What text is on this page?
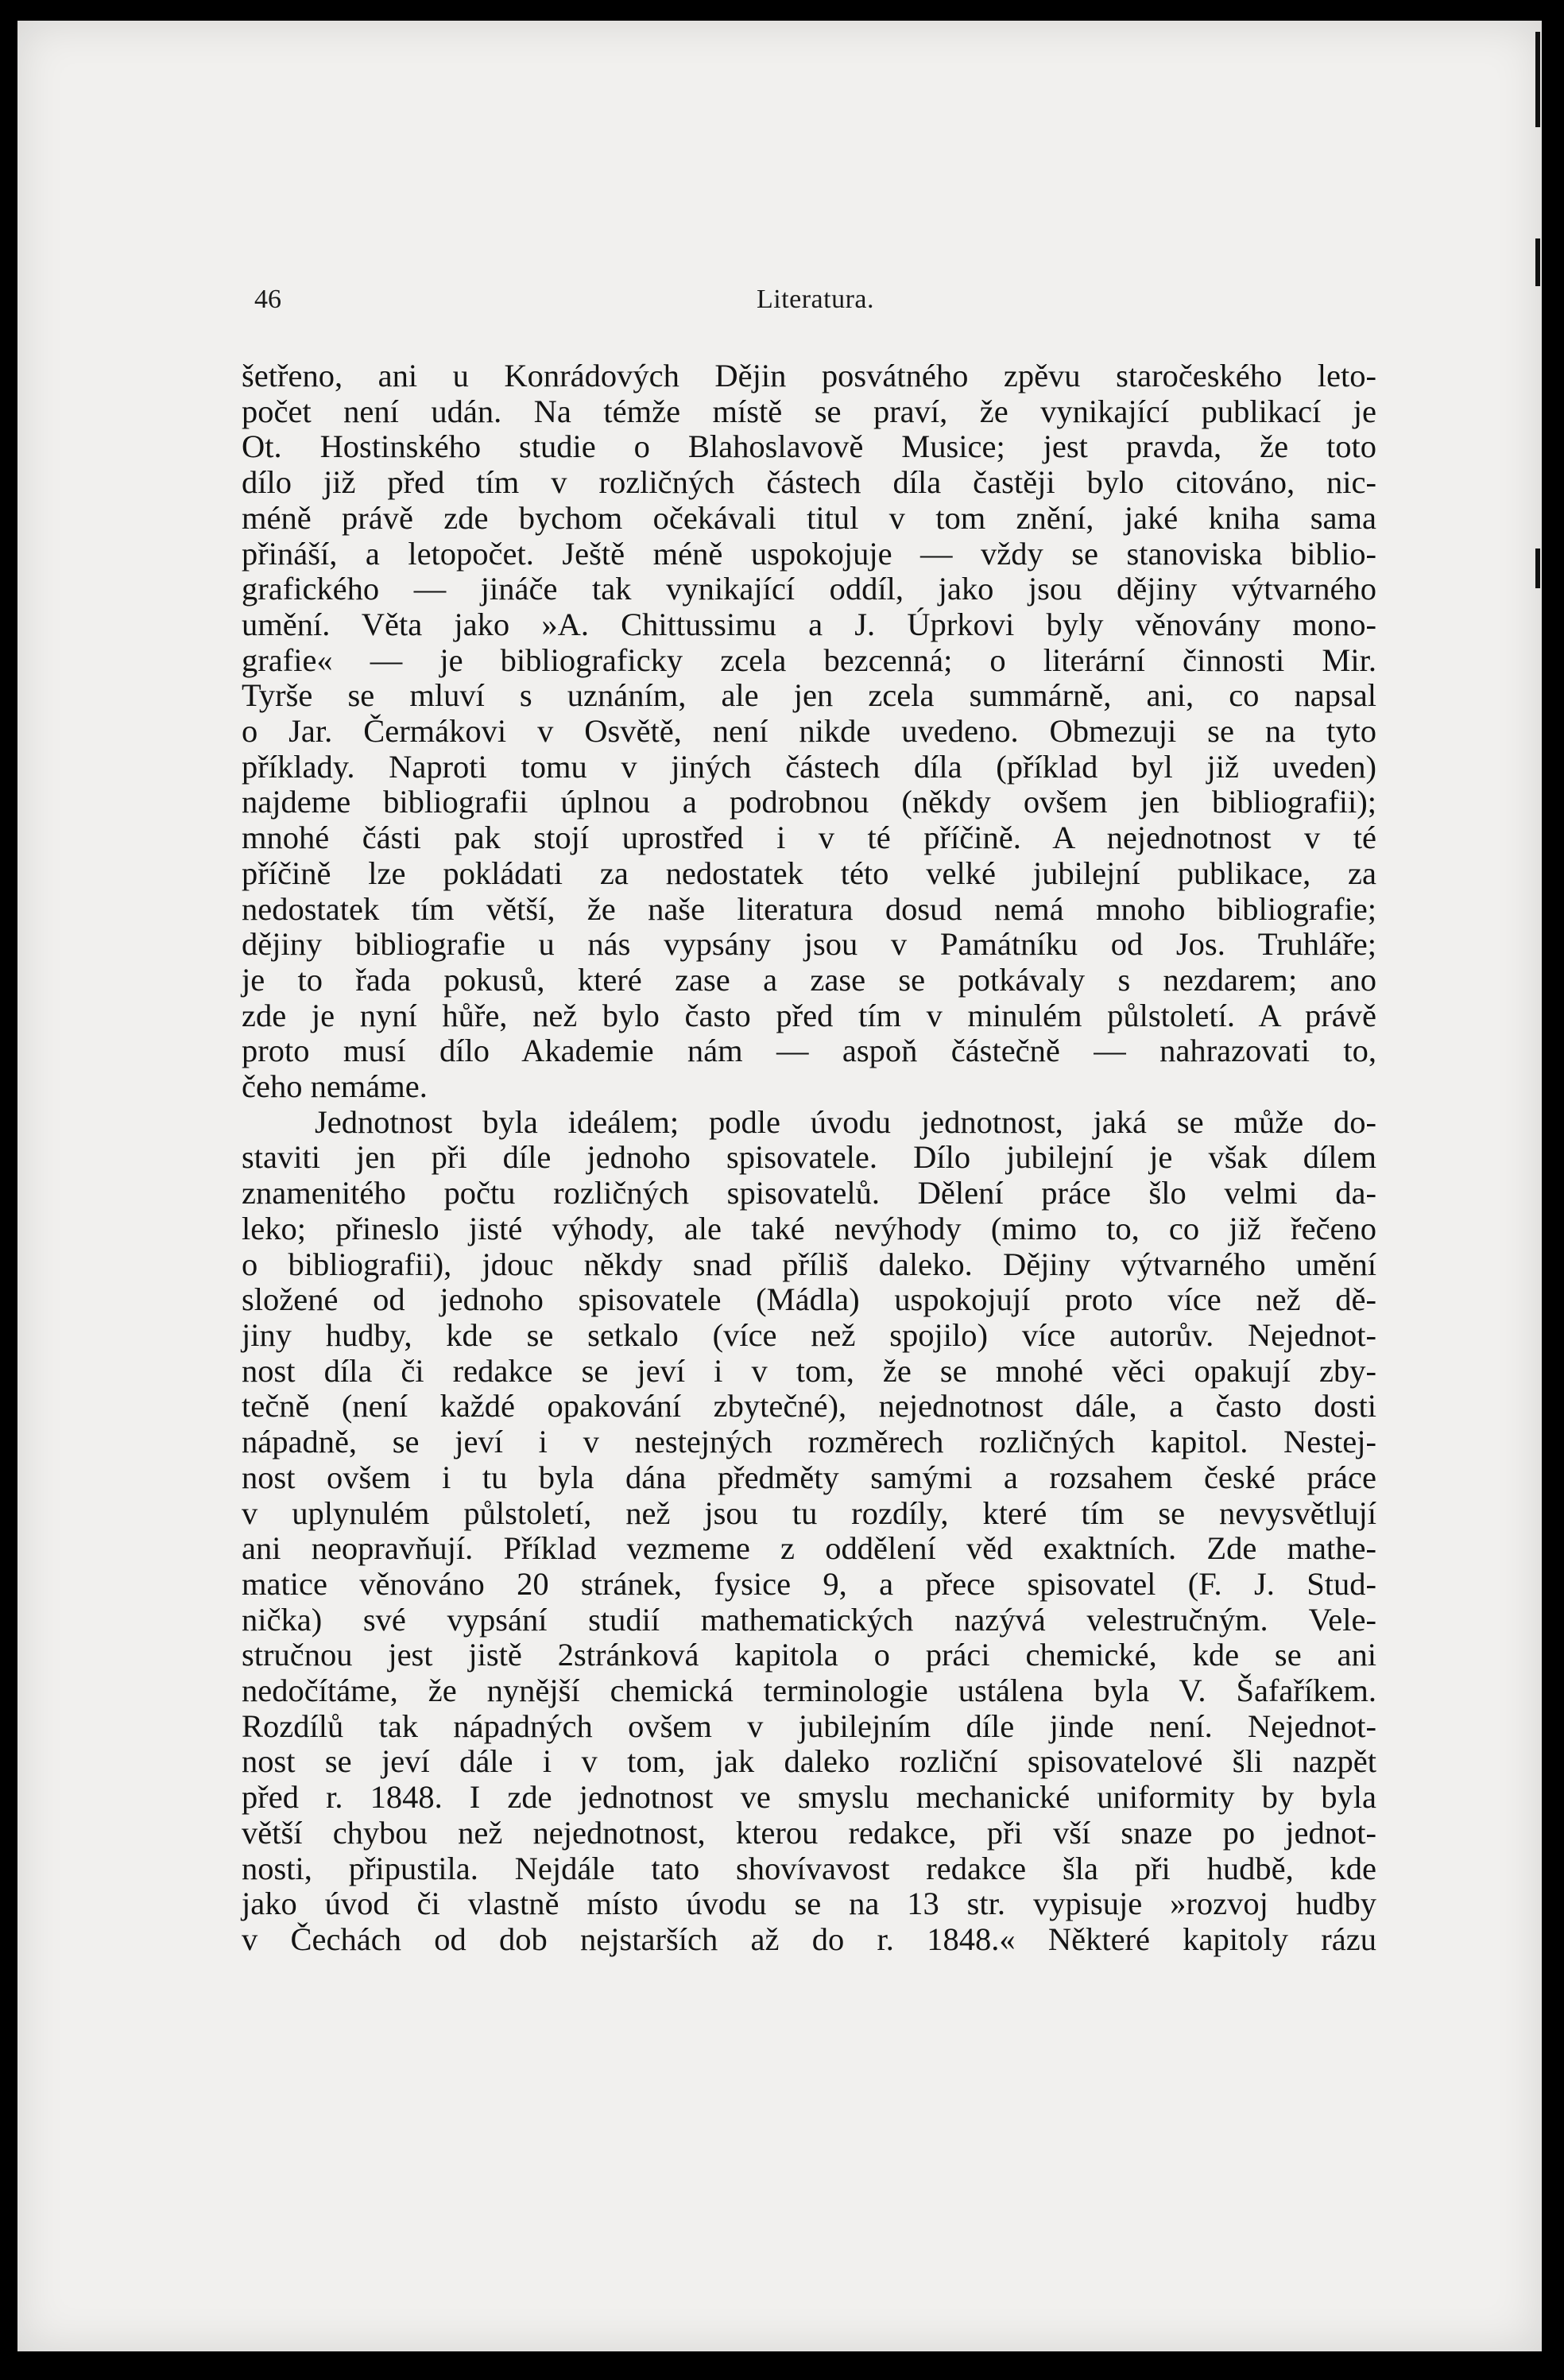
46	Literatura.

šetřeno, ani u Konrádových Dějin posvátného zpěvu staročeského leto-
počet není udán. Na témže místě se praví, že vynikající publikací je
Ot. Hostinského studie o Blahoslavově Musice; jest pravda, že toto
dílo již před tím v rozličných částech díla častěji bylo citováno, nic-
méně právě zde bychom očekávali titul v tom znění, jaké kniha sama
přináší, a letopočet. Ještě méně uspokojuje — vždy se stanoviska biblio-
grafického — jináče tak vynikající oddíl, jako jsou dějiny výtvarného
umění. Věta jako »A. Chittussimu a J. Úprkovi byly věnovány mono-
grafie« — je bibliograficky zcela bezcenná; o literární činnosti Mir.
Tyrše se mluví s uznáním, ale jen zcela summárně, ani, co napsal
o Jar. Čermákovi v Osvětě, není nikde uvedeno. Obmezuji se na tyto
příklady. Naproti tomu v jiných částech díla (příklad byl již uveden)
najdeme bibliografii úplnou a podrobnou (někdy ovšem jen bibliografii);
mnohé části pak stojí uprostřed i v té příčině. A nejednotnost v té
příčině lze pokládati za nedostatek této velké jubilejní publikace, za
nedostatek tím větší, že naše literatura dosud nemá mnoho bibliografie;
dějiny bibliografie u nás vypsány jsou v Památníku od Jos. Truhláře;
je to řada pokusů, které zase a zase se potkávaly s nezdarem; ano
zde je nyní hůře, než bylo často před tím v minulém půlstoletí. A právě
proto musí dílo Akademie nám — aspoň částečně — nahrazovati to,
čeho nemáme.

Jednotnost byla ideálem; podle úvodu jednotnost, jaká se může do-
staviti jen při díle jednoho spisovatele. Dílo jubilejní je však dílem
znamenitého počtu rozličných spisovatelů. Dělení práce šlo velmi da-
leko; přineslo jisté výhody, ale také nevýhody (mimo to, co již řečeno
o bibliografii), jdouc někdy snad příliš daleko. Dějiny výtvarného umění
složené od jednoho spisovatele (Mádla) uspokojují proto více než dě-
jiny hudby, kde se setkalo (více než spojilo) více autorův. Nejednot-
nost díla či redakce se jeví i v tom, že se mnohé věci opakují zby-
tečně (není každé opakování zbytečné), nejednotnost dále, a často dosti
nápadně, se jeví i v nestejných rozměrech rozličných kapitol. Nestej-
nost ovšem i tu byla dána předměty samými a rozsahem české práce
v uplynulém půlstoletí, než jsou tu rozdíly, které tím se nevysvětlují
ani neopravňují. Příklad vezmeme z oddělení věd exaktních. Zde mathe-
matice věnováno 20 stránek, fysice 9, a přece spisovatel (F. J. Stud-
nička) své vypsání studií mathematických nazývá velestručným. Vele-
stručnou jest jistě 2stránková kapitola o práci chemické, kde se ani
nedočítáme, že nynější chemická terminologie ustálena byla V. Šafaříkem.
Rozdílů tak nápadných ovšem v jubilejním díle jinde není. Nejednot-
nost se jeví dále i v tom, jak daleko rozliční spisovatelové šli nazpět
před r. 1848. I zde jednotnost ve smyslu mechanické uniformity by byla
větší chybou než nejednotnost, kterou redakce, při vší snaze po jednot-
nosti, připustila. Nejdále tato shovívavost redakce šla při hudbě, kde
jako úvod či vlastně místo úvodu se na 13 str. vypisuje »rozvoj hudby
v Čechách od dob nejstarších až do r. 1848.« Některé kapitoly rázu
